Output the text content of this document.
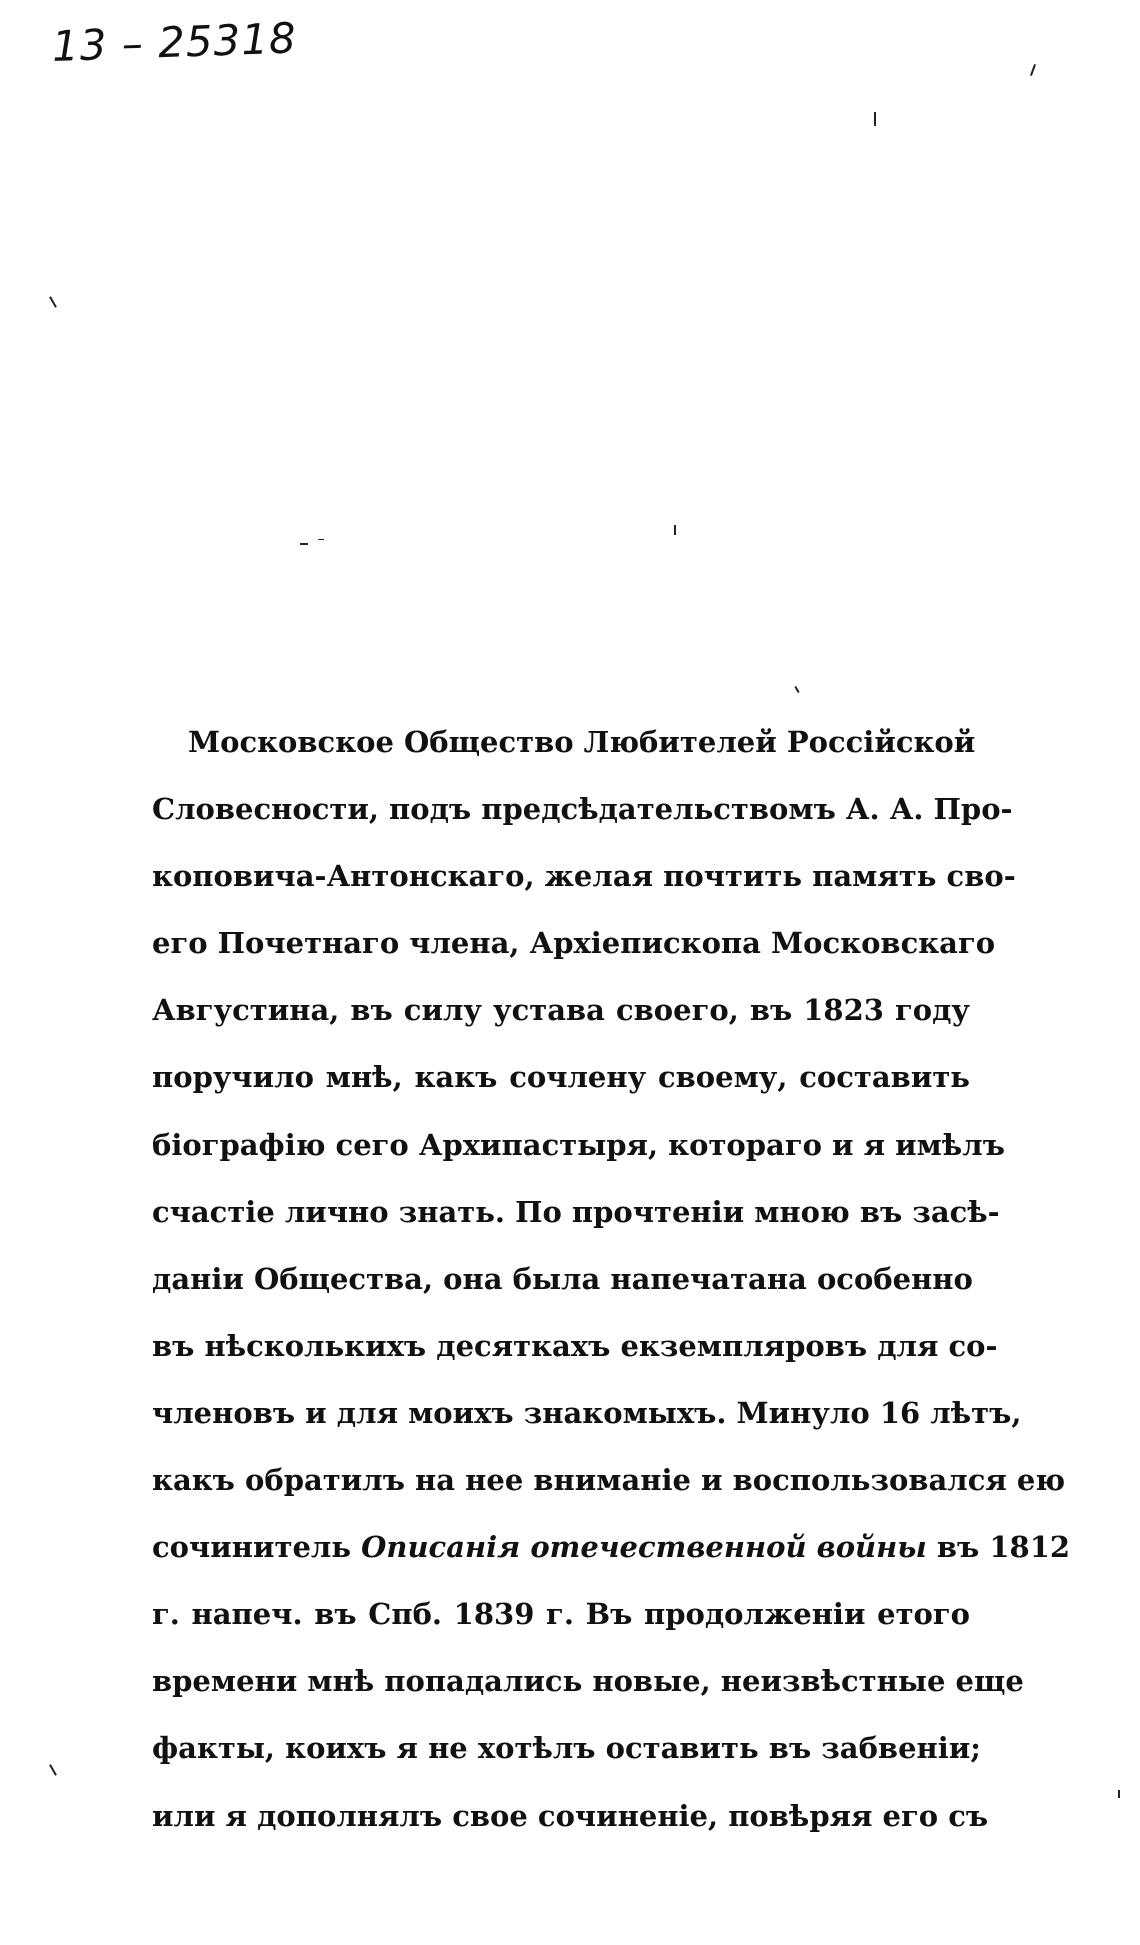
13 – 25318
Московское Общество Любителей Россійской
Словесности, подъ предсѣдательствомъ А. А. Про-
коповича-Антонскаго, желая почтить память сво-
его Почетнаго члена, Архіепископа Московскаго
Августина, въ силу устава своего, въ 1823 году
поручило мнѣ, какъ сочлену своему, составить
біографію сего Архипастыря, котораго и я имѣлъ
счастіе лично знать. По прочтеніи мною въ засѣ-
даніи Общества, она была напечатана особенно
въ нѣсколькихъ десяткахъ екземпляровъ для со-
членовъ и для моихъ знакомыхъ. Минуло 16 лѣтъ,
какъ обратилъ на нее вниманіе и воспользовался ею
сочинитель Описанія отечественной войны въ 1812
г. напеч. въ Спб. 1839 г. Въ продолженіи етого
времени мнѣ попадались новые, неизвѣстные еще
факты, коихъ я не хотѣлъ оставить въ забвеніи;
или я дополнялъ свое сочиненіе, повѣряя его съ
